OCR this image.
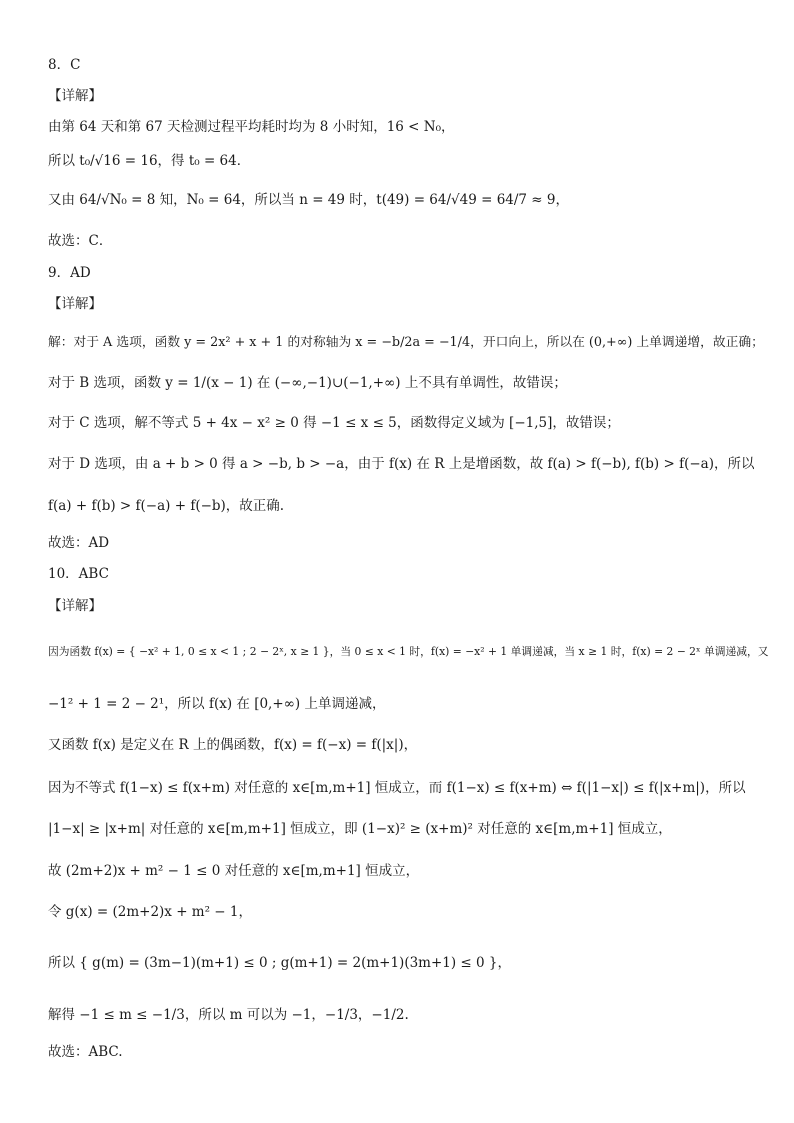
8．C
【详解】
由第 64 天和第 67 天检测过程平均耗时均为 8 小时知，16 < N₀，
所以 t₀/√16 = 16，得 t₀ = 64．
又由 64/√N₀ = 8 知，N₀ = 64，所以当 n = 49 时，t(49) = 64/√49 = 64/7 ≈ 9，
故选：C．
9．AD
【详解】
解：对于 A 选项，函数 y = 2x² + x + 1 的对称轴为 x = −b/2a = −1/4，开口向上，所以在 (0,+∞) 上单调递增，故正确；
对于 B 选项，函数 y = 1/(x − 1) 在 (−∞,−1)∪(−1,+∞) 上不具有单调性，故错误；
对于 C 选项，解不等式 5 + 4x − x² ≥ 0 得 −1 ≤ x ≤ 5，函数得定义域为 [−1,5]，故错误；
对于 D 选项，由 a + b > 0 得 a > −b, b > −a，由于 f(x) 在 R 上是增函数，故 f(a) > f(−b), f(b) > f(−a)，所以
f(a) + f(b) > f(−a) + f(−b)，故正确.
故选：AD
10．ABC
【详解】
因为函数 f(x) = { −x² + 1, 0 ≤ x < 1 ; 2 − 2ˣ, x ≥ 1 }，当 0 ≤ x < 1 时，f(x) = −x² + 1 单调递减，当 x ≥ 1 时，f(x) = 2 − 2ˣ 单调递减，又
−1² + 1 = 2 − 2¹，所以 f(x) 在 [0,+∞) 上单调递减，
又函数 f(x) 是定义在 R 上的偶函数，f(x) = f(−x) = f(|x|)，
因为不等式 f(1−x) ≤ f(x+m) 对任意的 x∈[m,m+1] 恒成立，而 f(1−x) ≤ f(x+m) ⇔ f(|1−x|) ≤ f(|x+m|)，所以
|1−x| ≥ |x+m| 对任意的 x∈[m,m+1] 恒成立，即 (1−x)² ≥ (x+m)² 对任意的 x∈[m,m+1] 恒成立，
故 (2m+2)x + m² − 1 ≤ 0 对任意的 x∈[m,m+1] 恒成立，
令 g(x) = (2m+2)x + m² − 1，
所以 { g(m) = (3m−1)(m+1) ≤ 0 ; g(m+1) = 2(m+1)(3m+1) ≤ 0 }，
解得 −1 ≤ m ≤ −1/3，所以 m 可以为 −1，−1/3，−1/2.
故选：ABC.
